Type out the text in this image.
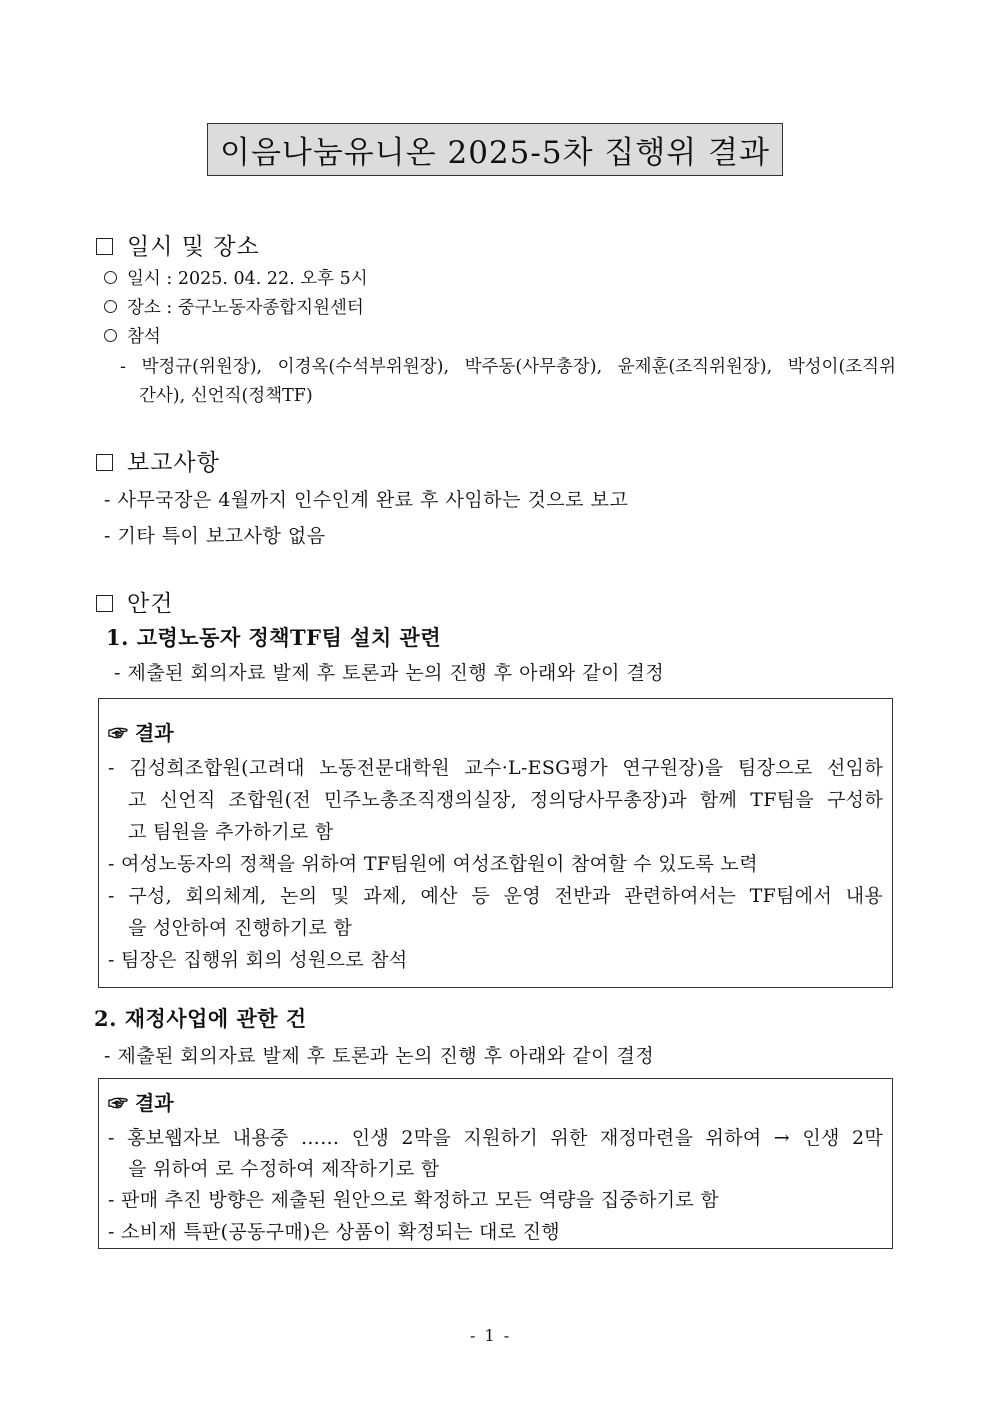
이음나눔유니온 2025-5차 집행위 결과
일시 및 장소
일시 : 2025. 04. 22. 오후 5시
장소 : 중구노동자종합지원센터
참석
- 박정규(위원장), 이경옥(수석부위원장), 박주동(사무총장), 윤제훈(조직위원장), 박성이(조직위
간사), 신언직(정책TF)
보고사항
- 사무국장은 4월까지 인수인계 완료 후 사임하는 것으로 보고
- 기타 특이 보고사항 없음
안건
1. 고령노동자 정책TF팀 설치 관련
- 제출된 회의자료 발제 후 토론과 논의 진행 후 아래와 같이 결정
☞ 결과
- 김성희조합원(고려대 노동전문대학원 교수·L-ESG평가 연구원장)을 팀장으로 선임하
고 신언직 조합원(전 민주노총조직쟁의실장, 정의당사무총장)과 함께 TF팀을 구성하
고 팀원을 추가하기로 함
- 여성노동자의 정책을 위하여 TF팀원에 여성조합원이 참여할 수 있도록 노력
- 구성, 회의체계, 논의 및 과제, 예산 등 운영 전반과 관련하여서는 TF팀에서 내용
을 성안하여 진행하기로 함
- 팀장은 집행위 회의 성원으로 참석
2. 재정사업에 관한 건
- 제출된 회의자료 발제 후 토론과 논의 진행 후 아래와 같이 결정
☞ 결과
- 홍보웹자보 내용중 …… 인생 2막을 지원하기 위한 재정마련을 위하여 → 인생 2막
을 위하여 로 수정하여 제작하기로 함
- 판매 추진 방향은 제출된 원안으로 확정하고 모든 역량을 집중하기로 함
- 소비재 특판(공동구매)은 상품이 확정되는 대로 진행
- 1 -
